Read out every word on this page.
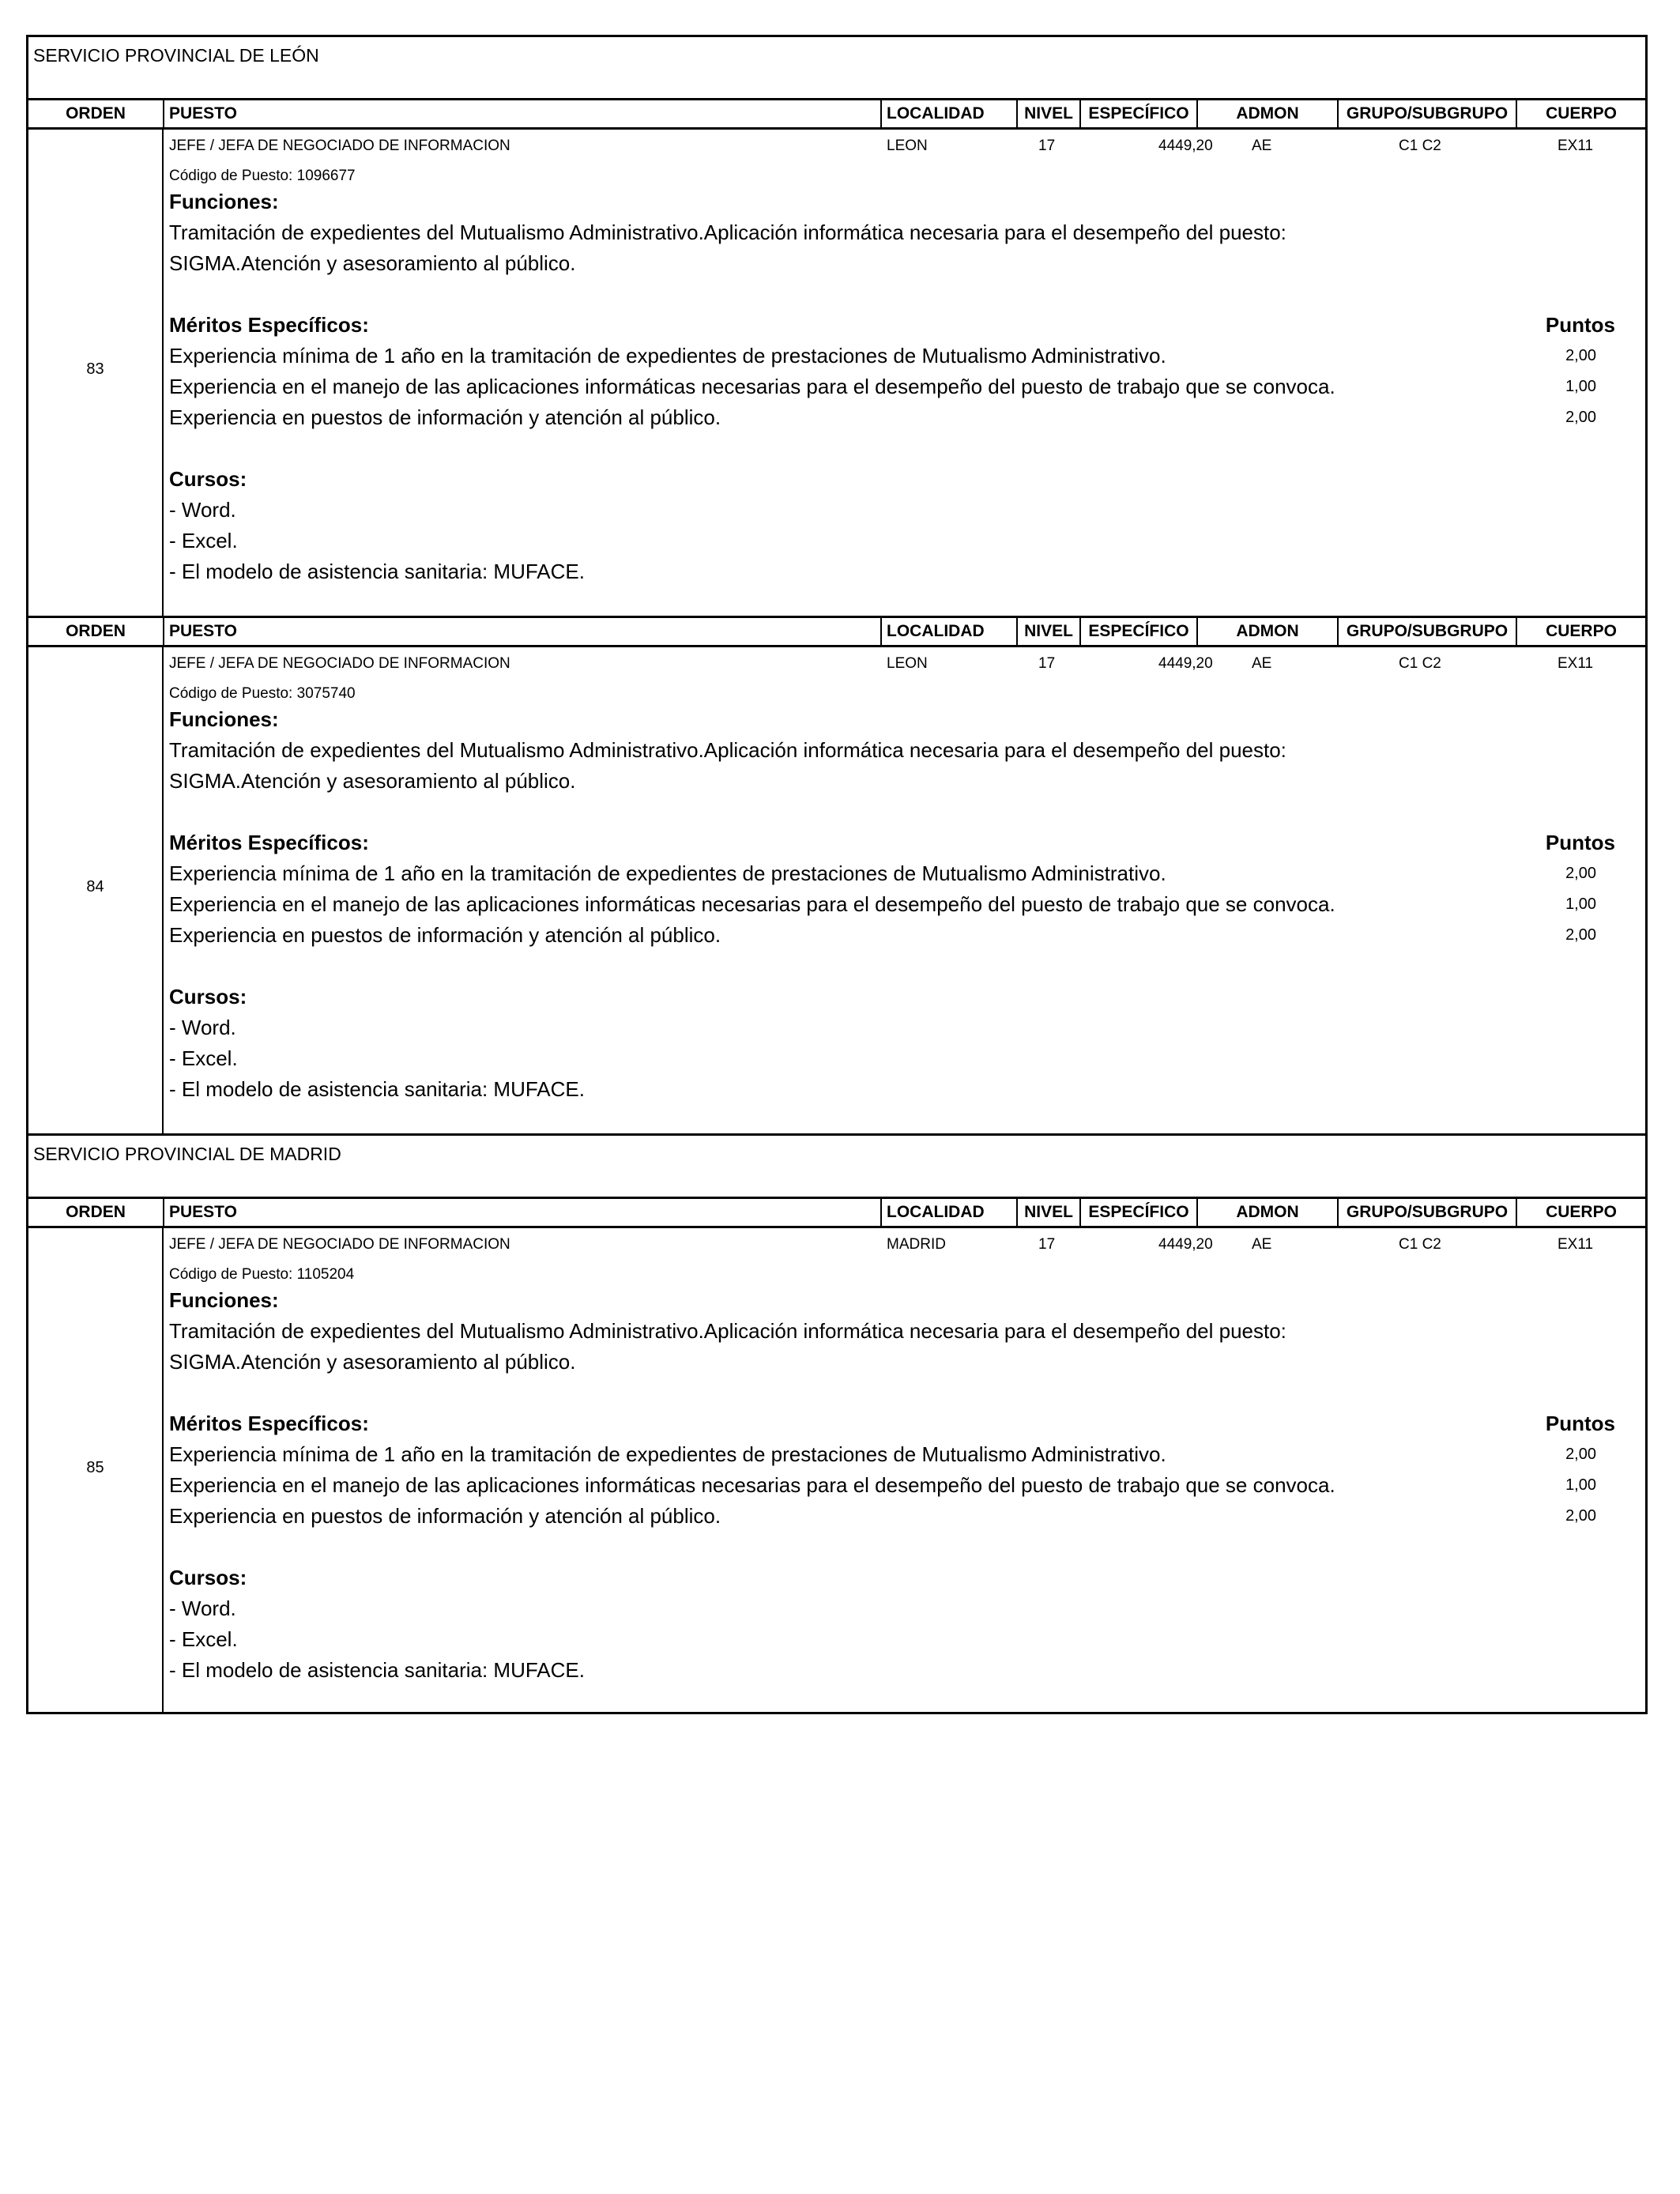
SERVICIO PROVINCIAL DE LEÓN
ORDEN	PUESTO	LOCALIDAD	NIVEL ESPECÍFICO	ADMON	GRUPO/SUBGRUPO	CUERPO
83
JEFE / JEFA DE NEGOCIADO DE INFORMACION	LEON	17	4449,20	AE	C1 C2	EX11
Código de Puesto: 1096677
Funciones:
Tramitación de expedientes del Mutualismo Administrativo.Aplicación informática necesaria para el desempeño del puesto:
SIGMA.Atención y asesoramiento al público.
Méritos Específicos:	Puntos
Experiencia mínima de 1 año en la tramitación de expedientes de prestaciones de Mutualismo Administrativo.	2,00
Experiencia en el manejo de las aplicaciones informáticas necesarias para el desempeño del puesto de trabajo que se convoca.	1,00
Experiencia en puestos de información y atención al público.	2,00
Cursos:
- Word.
- Excel.
- El modelo de asistencia sanitaria: MUFACE.
ORDEN	PUESTO	LOCALIDAD	NIVEL ESPECÍFICO	ADMON	GRUPO/SUBGRUPO	CUERPO
84
JEFE / JEFA DE NEGOCIADO DE INFORMACION	LEON	17	4449,20	AE	C1 C2	EX11
Código de Puesto: 3075740
Funciones:
Tramitación de expedientes del Mutualismo Administrativo.Aplicación informática necesaria para el desempeño del puesto:
SIGMA.Atención y asesoramiento al público.
Méritos Específicos:	Puntos
Experiencia mínima de 1 año en la tramitación de expedientes de prestaciones de Mutualismo Administrativo.	2,00
Experiencia en el manejo de las aplicaciones informáticas necesarias para el desempeño del puesto de trabajo que se convoca.	1,00
Experiencia en puestos de información y atención al público.	2,00
Cursos:
- Word.
- Excel.
- El modelo de asistencia sanitaria: MUFACE.
SERVICIO PROVINCIAL DE MADRID
ORDEN	PUESTO	LOCALIDAD	NIVEL ESPECÍFICO	ADMON	GRUPO/SUBGRUPO	CUERPO
85
JEFE / JEFA DE NEGOCIADO DE INFORMACION	MADRID	17	4449,20	AE	C1 C2	EX11
Código de Puesto: 1105204
Funciones:
Tramitación de expedientes del Mutualismo Administrativo.Aplicación informática necesaria para el desempeño del puesto:
SIGMA.Atención y asesoramiento al público.
Méritos Específicos:	Puntos
Experiencia mínima de 1 año en la tramitación de expedientes de prestaciones de Mutualismo Administrativo.	2,00
Experiencia en el manejo de las aplicaciones informáticas necesarias para el desempeño del puesto de trabajo que se convoca.	1,00
Experiencia en puestos de información y atención al público.	2,00
Cursos:
- Word.
- Excel.
- El modelo de asistencia sanitaria: MUFACE.
